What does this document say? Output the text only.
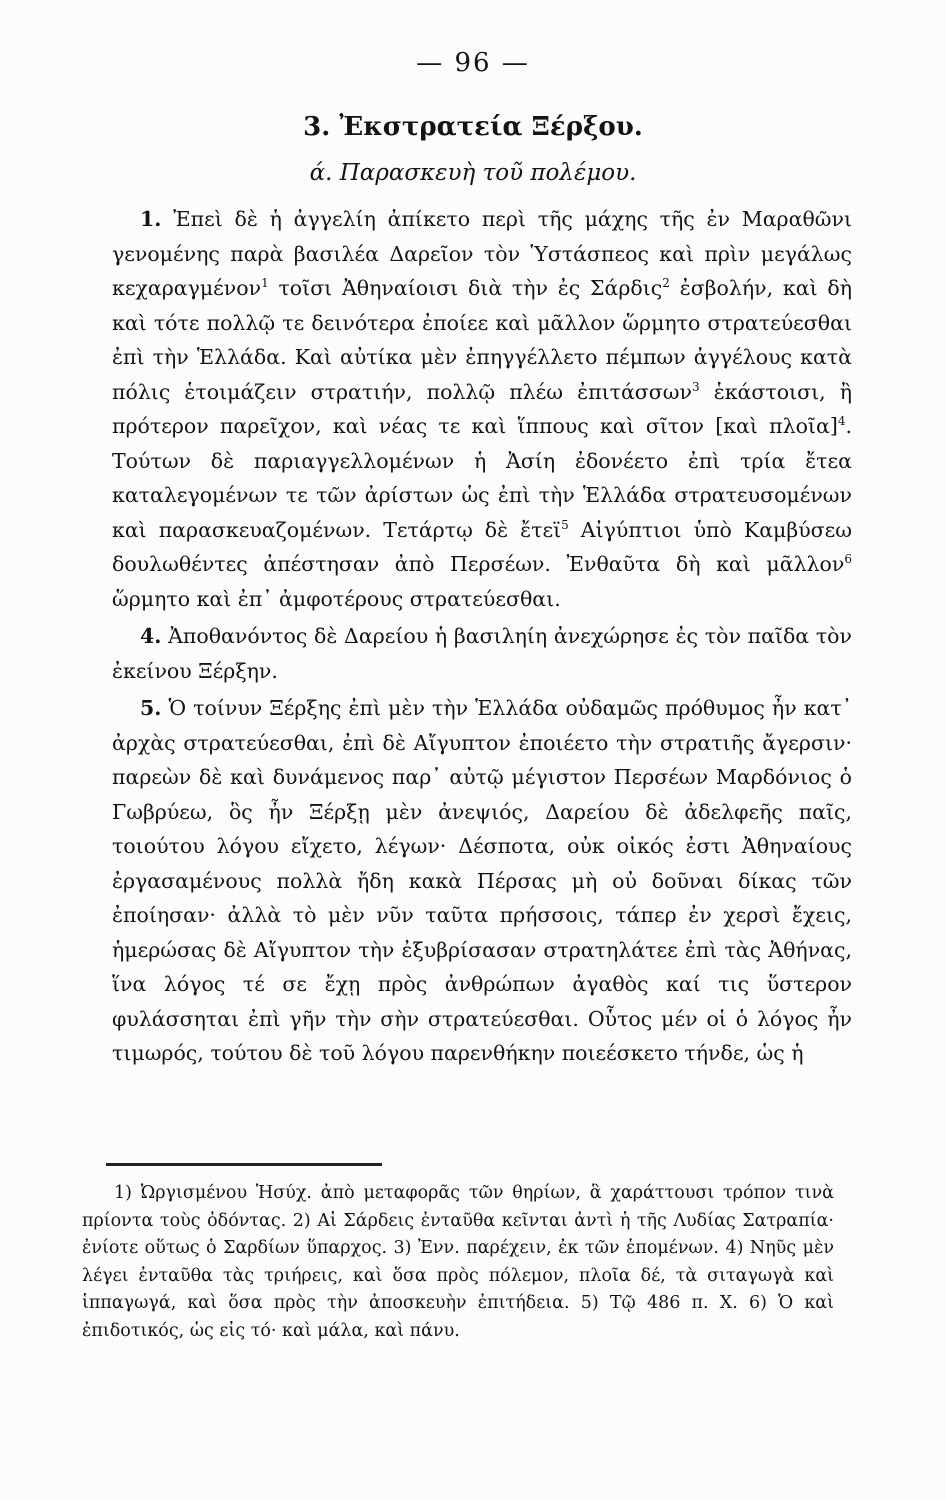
— 96 —
3. Ἐκστρατεία Ξέρξου.
ά. Παρασκευὴ τοῦ πολέμου.

1. Ἐπεὶ δὲ ἡ ἀγγελίη ἀπίκετο περὶ τῆς μάχης τῆς ἐν Μαραθῶνι γενομένης παρὰ βασιλέα Δαρεῖον τὸν Ὑστάσπεος καὶ πρὶν μεγάλως κεχαραγμένον$^1$ τοῖσι Ἀθηναίοισι διὰ τὴν ἐς Σάρδις$^2$ ἐσβολήν, καὶ δὴ καὶ τότε πολλῷ τε δεινότερα ἐποίεε καὶ μᾶλλον ὥρμητο στρατεύεσθαι ἐπὶ τὴν Ἑλλάδα. Καὶ αὐτίκα μὲν ἐπηγγέλλετο πέμπων ἀγγέλους κατὰ πόλις ἑτοιμάζειν στρατιήν, πολλῷ πλέω ἐπιτάσσων$^3$ ἑκάστοισι, ἢ πρότερον παρεῖχον, καὶ νέας τε καὶ ἵππους καὶ σῖτον [καὶ πλοῖα]$^4$. Τούτων δὲ παριαγγελλομένων ἡ Ἀσίη ἐδονέετο ἐπὶ τρία ἔτεα καταλεγομένων τε τῶν ἀρίστων ὡς ἐπὶ τὴν Ἑλλάδα στρατευσομένων καὶ παρασκευαζομένων. Τετάρτῳ δὲ ἔτεϊ$^5$ Αἰγύπτιοι ὑπὸ Καμβύσεω δουλωθέντες ἀπέστησαν ἀπὸ Περσέων. Ἐνθαῦτα δὴ καὶ μᾶλλον$^6$ ὥρμητο καὶ ἐπ᾿ ἀμφοτέρους στρατεύεσθαι.

4. Ἀποθανόντος δὲ Δαρείου ἡ βασιληίη ἀνεχώρησε ἐς τὸν παῖδα τὸν ἐκείνου Ξέρξην.

5. Ὁ τοίνυν Ξέρξης ἐπὶ μὲν τὴν Ἑλλάδα οὐδαμῶς πρόθυμος ἦν κατ᾿ ἀρχὰς στρατεύεσθαι, ἐπὶ δὲ Αἴγυπτον ἐποιέετο τὴν στρατιῆς ἄγερσιν· παρεὼν δὲ καὶ δυνάμενος παρ᾿ αὐτῷ μέγιστον Περσέων Μαρδόνιος ὁ Γωβρύεω, ὃς ἦν Ξέρξῃ μὲν ἀνεψιός, Δαρείου δὲ ἀδελφεῆς παῖς, τοιούτου λόγου εἴχετο, λέγων· Δέσποτα, οὐκ οἰκός ἐστι Ἀθηναίους ἐργασαμένους πολλὰ ἤδη κακὰ Πέρσας μὴ οὐ δοῦναι δίκας τῶν ἐποίησαν· ἀλλὰ τὸ μὲν νῦν ταῦτα πρήσσοις, τάπερ ἐν χερσὶ ἔχεις, ἡμερώσας δὲ Αἴγυπτον τὴν ἐξυβρίσασαν στρατηλάτεε ἐπὶ τὰς Ἀθήνας, ἵνα λόγος τέ σε ἔχῃ πρὸς ἀνθρώπων ἀγαθὸς καί τις ὕστερον φυλάσσηται ἐπὶ γῆν τὴν σὴν στρατεύεσθαι. Οὗτος μέν οἱ ὁ λόγος ἦν τιμωρός, τούτου δὲ τοῦ λόγου παρενθήκην ποιεέσκετο τήνδε, ὡς ἡ

1) Ὠργισμένου Ἡσύχ. ἀπὸ μεταφορᾶς τῶν θηρίων, ἃ χαράττουσι τρόπον τινὰ πρίοντα τοὺς ὀδόντας. 2) Αἱ Σάρδεις ἐνταῦθα κεῖνται ἀντὶ ἡ τῆς Λυδίας Σατραπία· ἐνίοτε οὕτως ὁ Σαρδίων ὕπαρχος. 3) Ἐνν. παρέχειν, ἐκ τῶν ἑπομένων. 4) Νηῦς μὲν λέγει ἐνταῦθα τὰς τριήρεις, καὶ ὅσα πρὸς πόλεμον, πλοῖα δέ, τὰ σιταγωγὰ καὶ ἱππαγωγά, καὶ ὅσα πρὸς τὴν ἀποσκευὴν ἐπιτήδεια. 5) Τῷ 486 π. Χ. 6) Ὁ καὶ ἐπιδοτικός, ὡς εἰς τό· καὶ μάλα, καὶ πάνυ.
